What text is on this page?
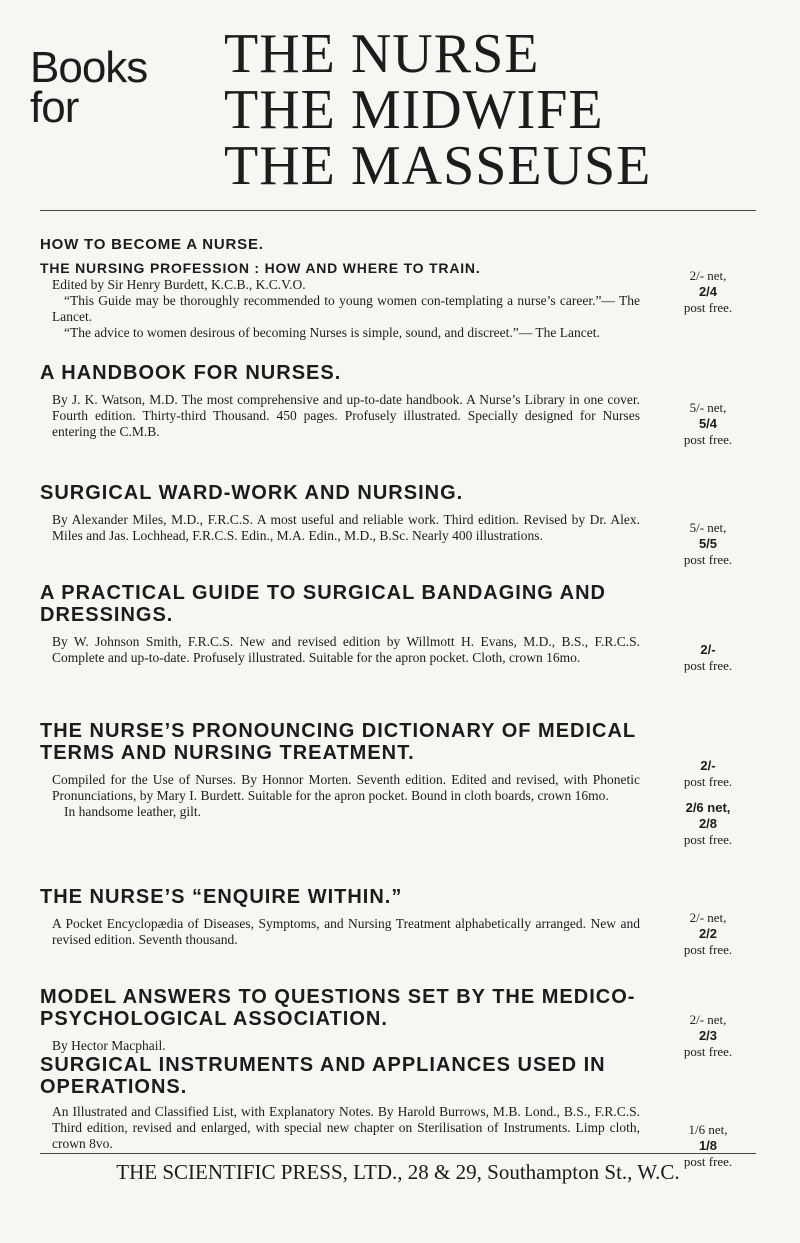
Books
for
THE NURSE
THE MIDWIFE
THE MASSEUSE
HOW TO BECOME A NURSE.

THE NURSING PROFESSION : HOW AND WHERE TO TRAIN.

Edited by Sir Henry Burdett, K.C.B., K.C.V.O.

“This Guide may be thoroughly recommended to young women con-templating a nurse’s career.”— The Lancet.

“The advice to women desirous of becoming Nurses is simple, sound, and discreet.”— The Lancet.

2/- net,
2/4
post free.
A HANDBOOK FOR NURSES.

By J. K. Watson, M.D. The most comprehensive and up-to-date handbook. A Nurse’s Library in one cover. Fourth edition. Thirty-third Thousand. 450 pages. Profusely illustrated. Specially designed for Nurses entering the C.M.B.

5/- net,
5/4
post free.
SURGICAL WARD-WORK AND NURSING.

By Alexander Miles, M.D., F.R.C.S. A most useful and reliable work. Third edition. Revised by Dr. Alex. Miles and Jas. Lochhead, F.R.C.S. Edin., M.A. Edin., M.D., B.Sc. Nearly 400 illustrations.

5/- net,
5/5
post free.
A PRACTICAL GUIDE TO SURGICAL BANDAGING AND DRESSINGS.

By W. Johnson Smith, F.R.C.S. New and revised edition by Willmott H. Evans, M.D., B.S., F.R.C.S. Complete and up-to-date. Profusely illustrated. Suitable for the apron pocket. Cloth, crown 16mo.

2/-
post free.
THE NURSE’S PRONOUNCING DICTIONARY OF MEDICAL TERMS AND NURSING TREATMENT.

Compiled for the Use of Nurses. By Honnor Morten. Seventh edition. Edited and revised, with Phonetic Pronunciations, by Mary I. Burdett. Suitable for the apron pocket. Bound in cloth boards, crown 16mo.

In handsome leather, gilt.

2/-
post free.
2/6 net,
2/8
post free.
THE NURSE’S “ENQUIRE WITHIN.”

A Pocket Encyclopædia of Diseases, Symptoms, and Nursing Treatment alphabetically arranged. New and revised edition. Seventh thousand.

2/- net,
2/2
post free.
MODEL ANSWERS TO QUESTIONS SET BY THE MEDICO-PSYCHOLOGICAL ASSOCIATION.

By Hector Macphail.

2/- net,
2/3
post free.
SURGICAL INSTRUMENTS AND APPLIANCES USED IN OPERATIONS.

An Illustrated and Classified List, with Explanatory Notes. By Harold Burrows, M.B. Lond., B.S., F.R.C.S. Third edition, revised and enlarged, with special new chapter on Sterilisation of Instruments. Limp cloth, crown 8vo.

1/6 net,
1/8
post free.
THE SCIENTIFIC PRESS, LTD., 28 & 29, Southampton St., W.C.
